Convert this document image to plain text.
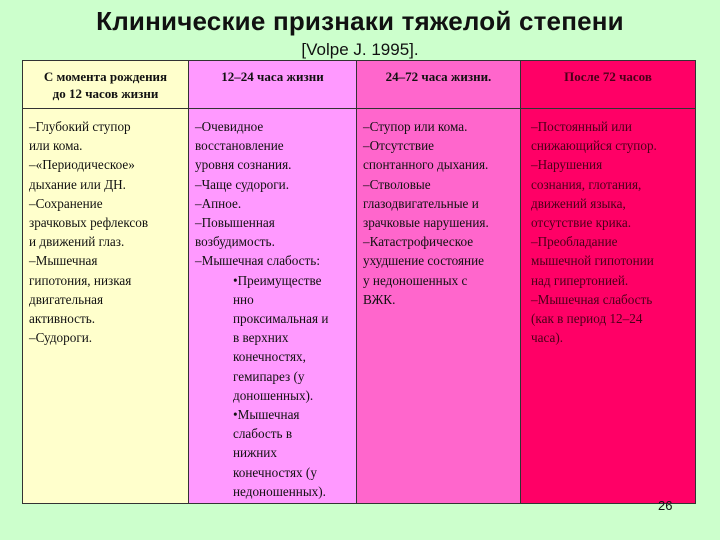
Клинические признаки тяжелой степени
[Volpe J. 1995].
С момента рождения
до 12 часов жизни
–Глубокий ступор
или кома.
–«Периодическое»
дыхание или ДН.
–Сохранение
зрачковых рефлексов
и движений глаз.
–Мышечная
гипотония, низкая
двигательная
активность.
–Судороги.
12–24 часа жизни
–Очевидное
восстановление
уровня сознания.
–Чаще судороги.
–Апное.
–Повышенная
возбудимость.
–Мышечная слабость:
•Преимуществе
нно
проксимальная и
в верхних
конечностях,
гемипарез (у
доношенных).
•Мышечная
слабость в
нижних
конечностях (у
недоношенных).
24–72 часа жизни.
–Ступор или кома.
–Отсутствие
спонтанного дыхания.
–Стволовые
глазодвигательные и
зрачковые нарушения.
–Катастрофическое
ухудшение состояние
у недоношенных с
ВЖК.
После 72 часов
–Постоянный или
снижающийся ступор.
–Нарушения
сознания, глотания,
движений языка,
отсутствие крика.
–Преобладание
мышечной гипотонии
над гипертонией.
–Мышечная слабость
(как в период 12–24
часа).
26
